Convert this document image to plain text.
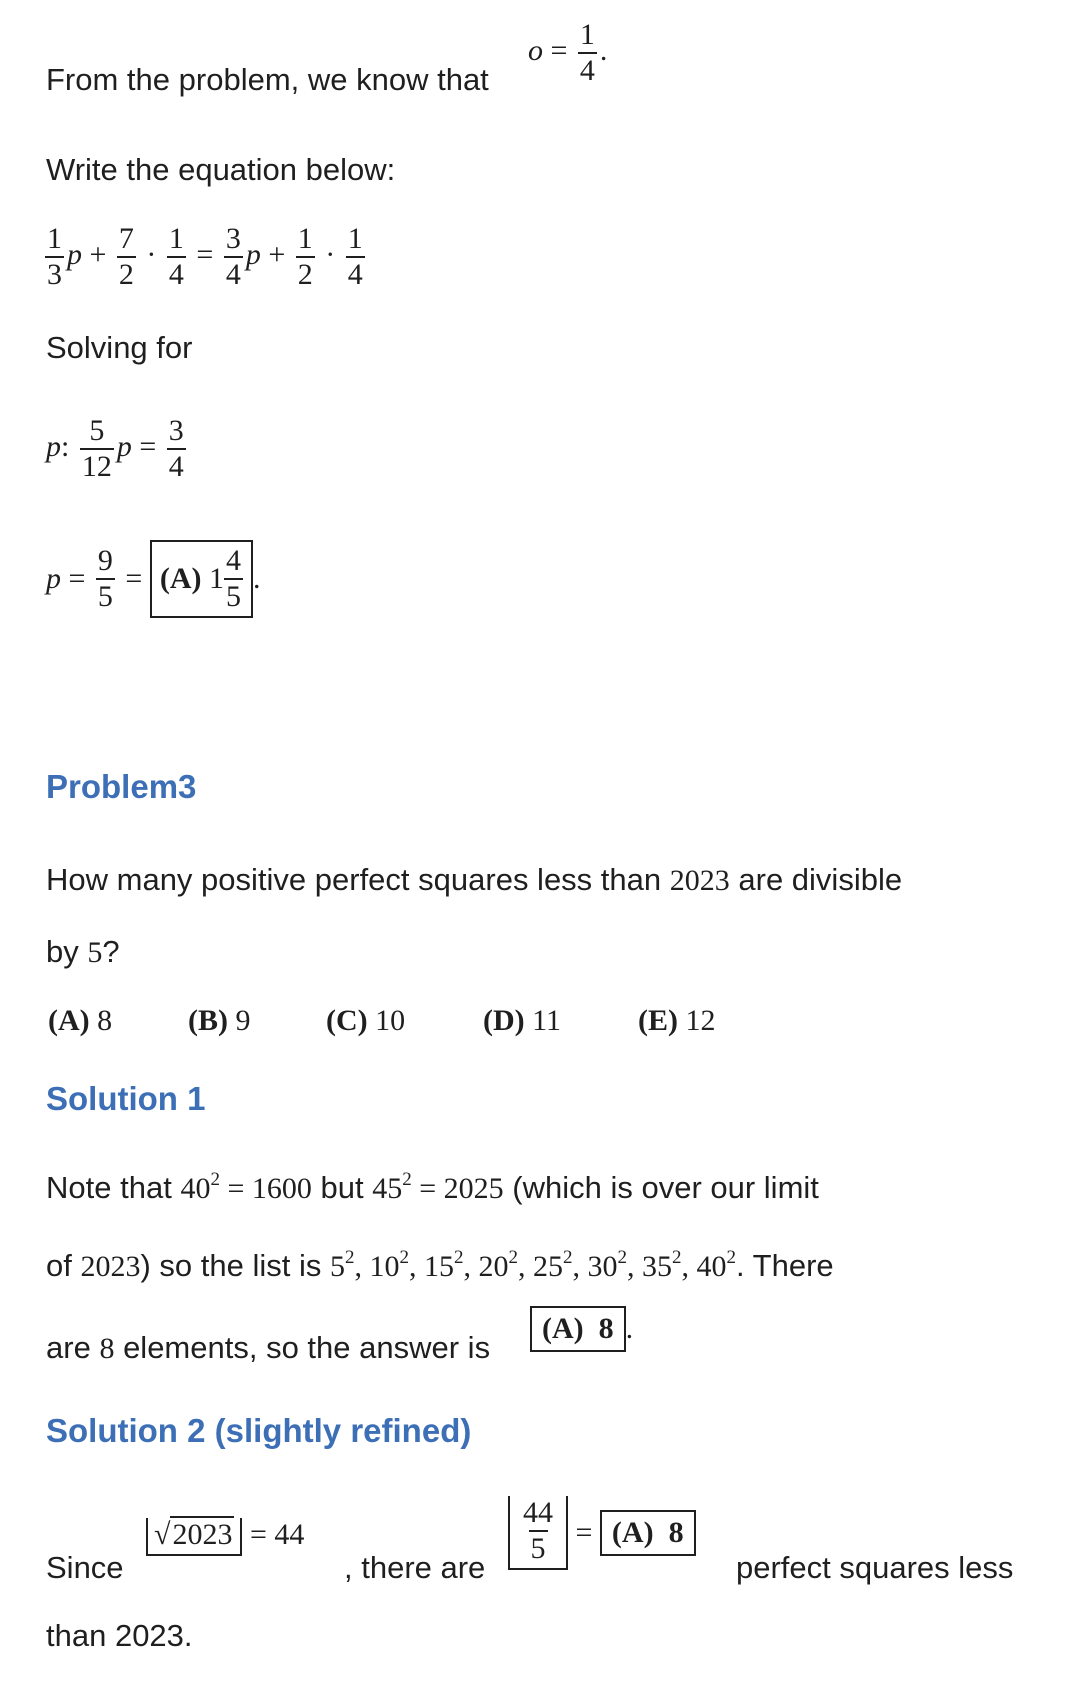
From the problem, we know that
$o = \frac{1}{4}$ .
Write the equation below:
$\frac{1}{3}$ $p + \frac{7}{2} \cdot \frac{1}{4} = \frac{3}{4}$ $p + \frac{1}{2} \cdot \frac{1}{4}$
Solving for
p: $\frac{5}{12}$ $p = \frac{3}{4}$
p
=
$\frac{9}{5}$
=
(A)
$1 \frac{4}{5}$ .
Problem3
How many positive perfect squares less than 2023 are divisible
by 5?
(A) 8	(B) 9	(C) 10	(D) 11	(E) 12
Solution 1
Note that $40^2 = 1600$ but $45^2 = 2025$ (which is over our limit
of 2023) so the list is $5^2$, $10^2$, $15^2$, $20^2$, $25^2$, $30^2$, $35^2$, $40^2$. There
are 8 elements, so the answer is
(A)
8 .
Solution 2 (slightly refined)
Since
√2023 = 44
, there are
$\frac{44}{5}$
=
(A)
8
perfect squares less
than 2023.
